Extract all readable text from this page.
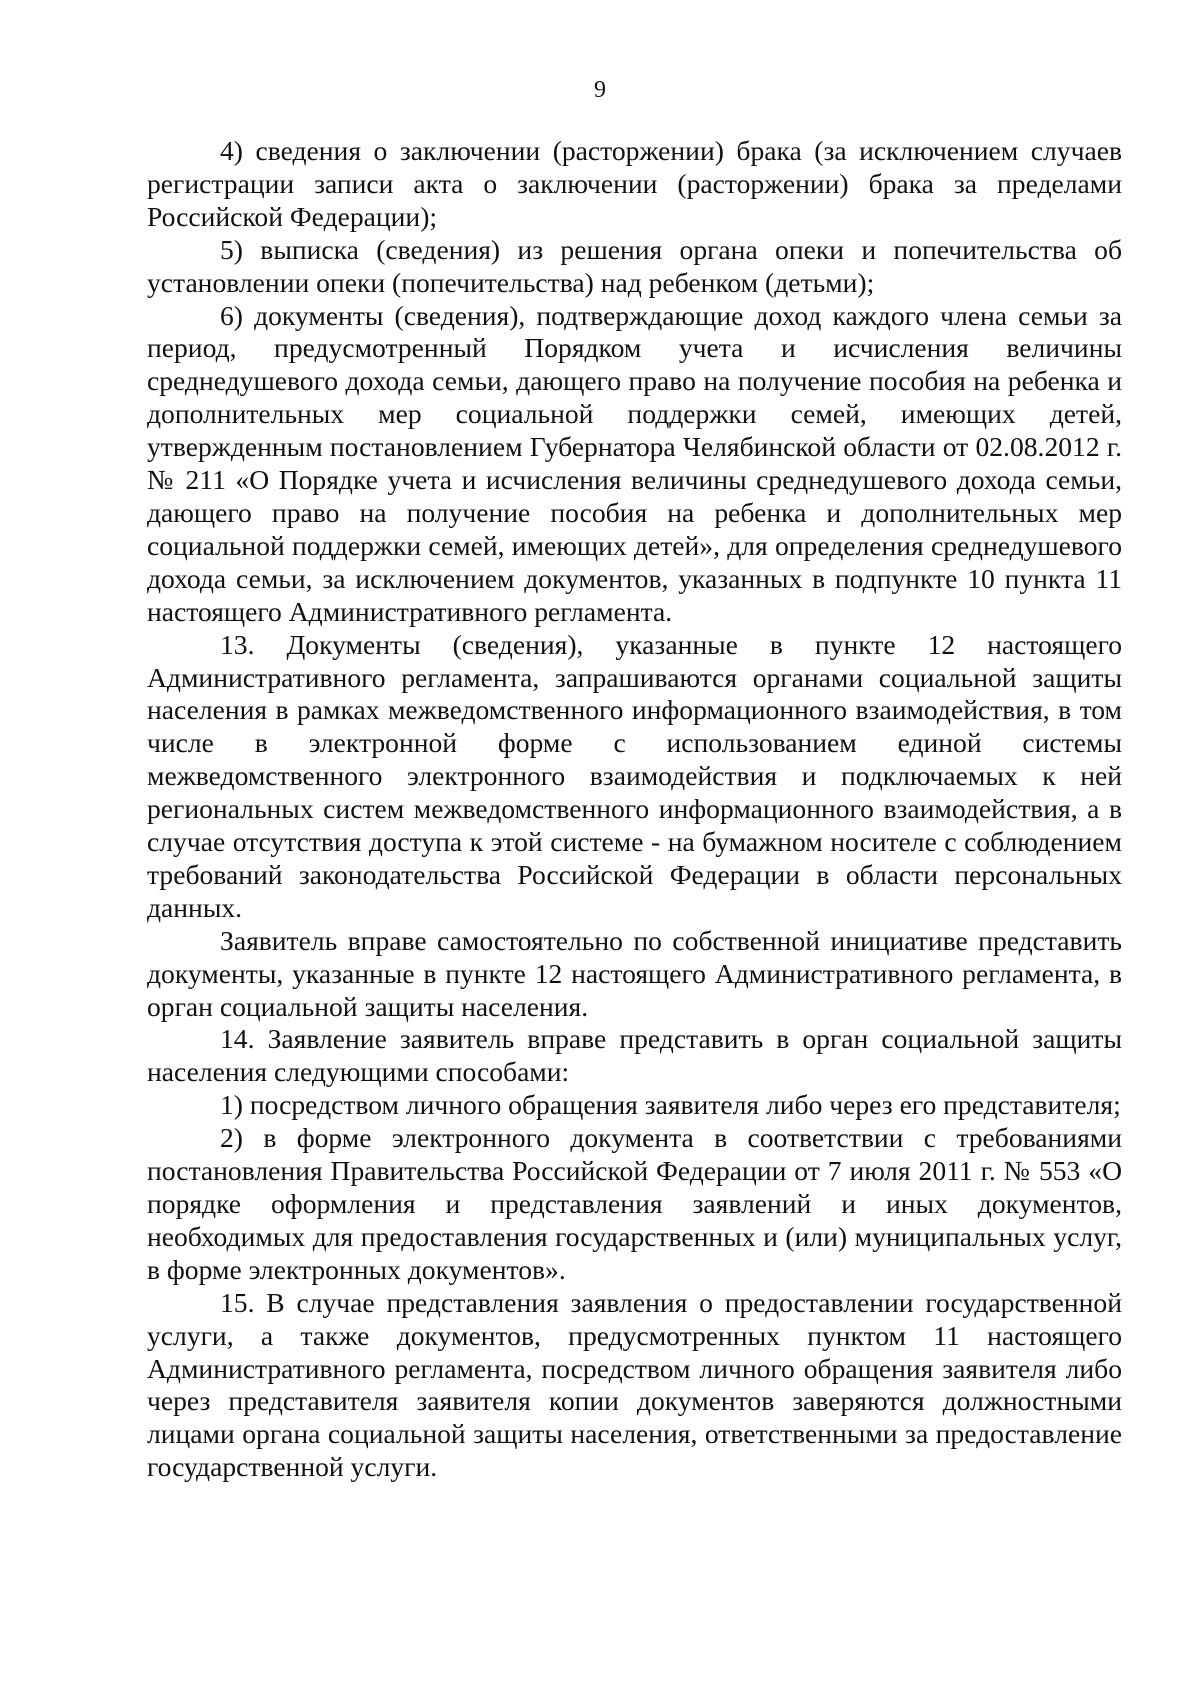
9

4) сведения о заключении (расторжении) брака (за исключением случаев регистрации записи акта о заключении (расторжении) брака за пределами Российской Федерации);

5) выписка (сведения) из решения органа опеки и попечительства об установлении опеки (попечительства) над ребенком (детьми);

6) документы (сведения), подтверждающие доход каждого члена семьи за период, предусмотренный Порядком учета и исчисления величины среднедушевого дохода семьи, дающего право на получение пособия на ребенка и дополнительных мер социальной поддержки семей, имеющих детей, утвержденным постановлением Губернатора Челябинской области от 02.08.2012 г. № 211 «О Порядке учета и исчисления величины среднедушевого дохода семьи, дающего право на получение пособия на ребенка и дополнительных мер социальной поддержки семей, имеющих детей», для определения среднедушевого дохода семьи, за исключением документов, указанных в подпункте 10 пункта 11 настоящего Административного регламента.

13. Документы (сведения), указанные в пункте 12 настоящего Административного регламента, запрашиваются органами социальной защиты населения в рамках межведомственного информационного взаимодействия, в том числе в электронной форме с использованием единой системы межведомственного электронного взаимодействия и подключаемых к ней региональных систем межведомственного информационного взаимодействия, а в случае отсутствия доступа к этой системе - на бумажном носителе с соблюдением требований законодательства Российской Федерации в области персональных данных.

Заявитель вправе самостоятельно по собственной инициативе представить документы, указанные в пункте 12 настоящего Административного регламента, в орган социальной защиты населения.

14. Заявление заявитель вправе представить в орган социальной защиты населения следующими способами:

1) посредством личного обращения заявителя либо через его представителя;

2) в форме электронного документа в соответствии с требованиями постановления Правительства Российской Федерации от 7 июля 2011 г. № 553 «О порядке оформления и представления заявлений и иных документов, необходимых для предоставления государственных и (или) муниципальных услуг, в форме электронных документов».

15. В случае представления заявления о предоставлении государственной услуги, а также документов, предусмотренных пунктом 11 настоящего Административного регламента, посредством личного обращения заявителя либо через представителя заявителя копии документов заверяются должностными лицами органа социальной защиты населения, ответственными за предоставление государственной услуги.
